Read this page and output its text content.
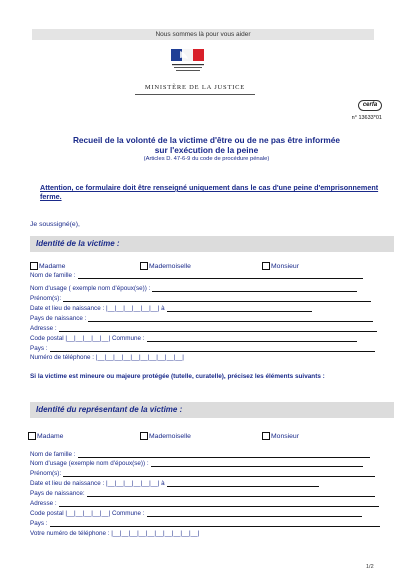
Nous sommes là pour vous aider
MINISTÈRE DE LA JUSTICE
cerfa
n° 13633*01
Recueil de la volonté de la victime d'être ou de ne pas être informée
sur l'exécution de la peine
(Articles D. 47-6-9 du code de procédure pénale)
Attention, ce formulaire doit être renseigné uniquement dans le cas d'une peine d'emprisonnement ferme.
Je soussigné(e),
Identité de la victime :
Madame	Mademoiselle	Monsieur
Nom de famille :
Nom d'usage ( exemple nom d'époux(se)) :
Prénom(s):
Date et lieu de naissance : |__|__|__|__|__|__| à
Pays de naissance :
Adresse :
Code postal |__|__|__|__|__| Commune :
Pays :
Numéro de téléphone : |__|__|__|__|__|__|__|__|__|__|
Si la victime est mineure ou majeure protégée (tutelle, curatelle), précisez les éléments suivants :
Identité du représentant de la victime :
Madame	Mademoiselle	Monsieur
Nom de famille :
Nom d'usage (exemple nom d'époux(se)) :
Prénom(s):
Date et lieu de naissance : |__|__|__|__|__|__| à
Pays de naissance:
Adresse :
Code postal |__|__|__|__|__| Commune :
Pays :
Votre numéro de téléphone : |__|__|__|__|__|__|__|__|__|__|
1/2
